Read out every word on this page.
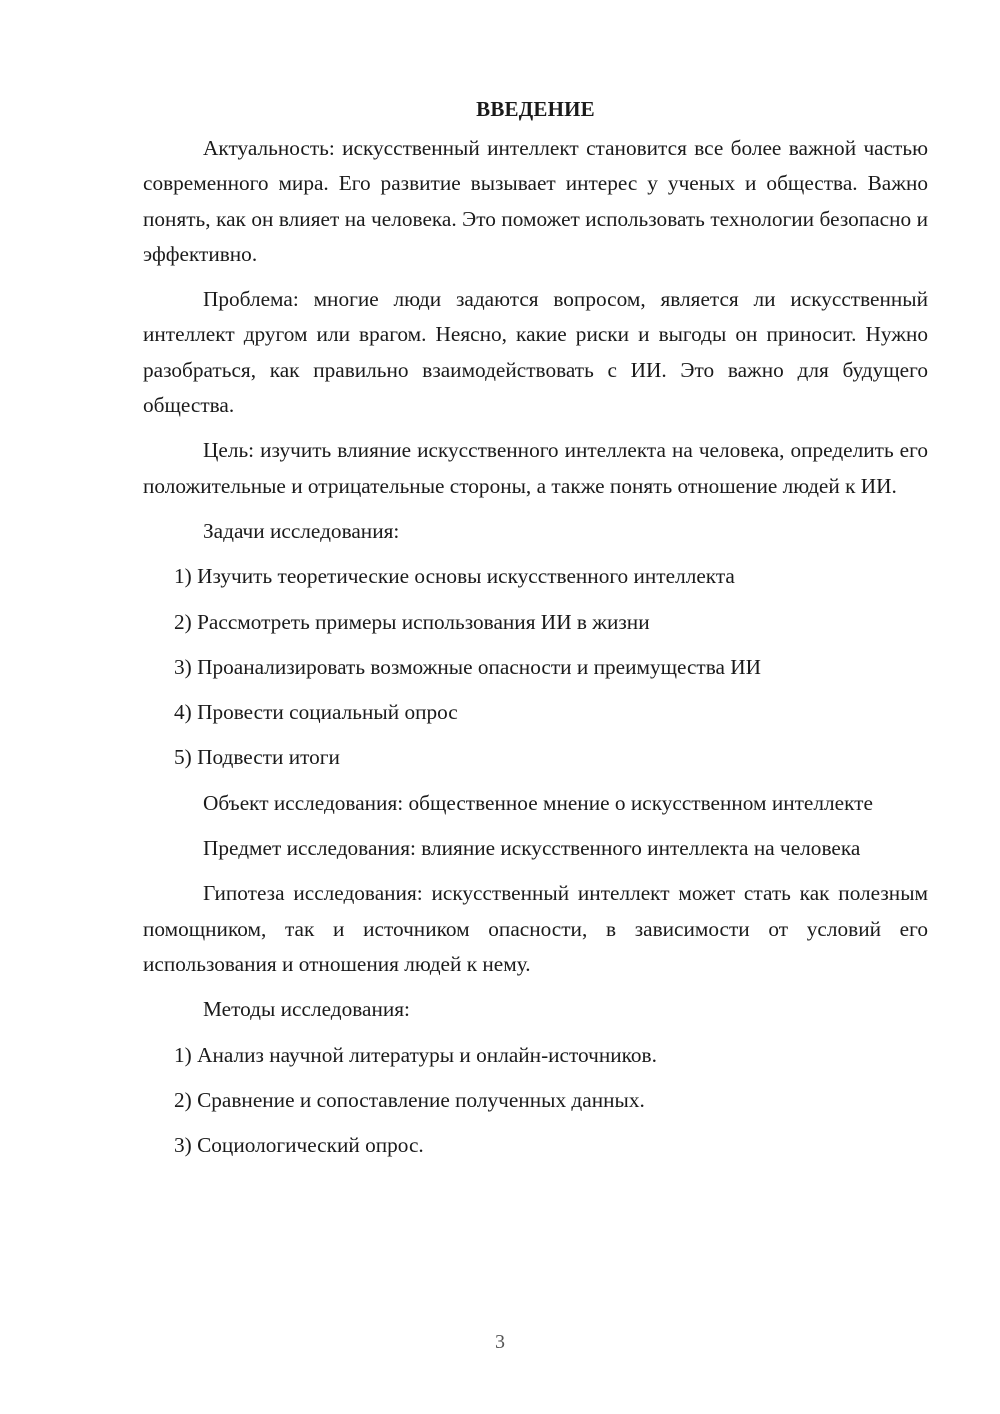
ВВЕДЕНИЕ

Актуальность: искусственный интеллект становится все более важной частью современного мира. Его развитие вызывает интерес у ученых и общества. Важно понять, как он влияет на человека. Это поможет использовать технологии безопасно и эффективно.

Проблема: многие люди задаются вопросом, является ли искусственный интеллект другом или врагом. Неясно, какие риски и выгоды он приносит. Нужно разобраться, как правильно взаимодействовать с ИИ. Это важно для будущего общества.

Цель: изучить влияние искусственного интеллекта на человека, определить его положительные и отрицательные стороны, а также понять отношение людей к ИИ.

Задачи исследования:

1) Изучить теоретические основы искусственного интеллекта

2) Рассмотреть примеры использования ИИ в жизни

3) Проанализировать возможные опасности и преимущества ИИ

4) Провести социальный опрос

5) Подвести итоги

Объект исследования: общественное мнение о искусственном интеллекте

Предмет исследования: влияние искусственного интеллекта на человека

Гипотеза исследования: искусственный интеллект может стать как полезным помощником, так и источником опасности, в зависимости от условий его использования и отношения людей к нему.

Методы исследования:

1) Анализ научной литературы и онлайн-источников.

2) Сравнение и сопоставление полученных данных.

3) Социологический опрос.

3
